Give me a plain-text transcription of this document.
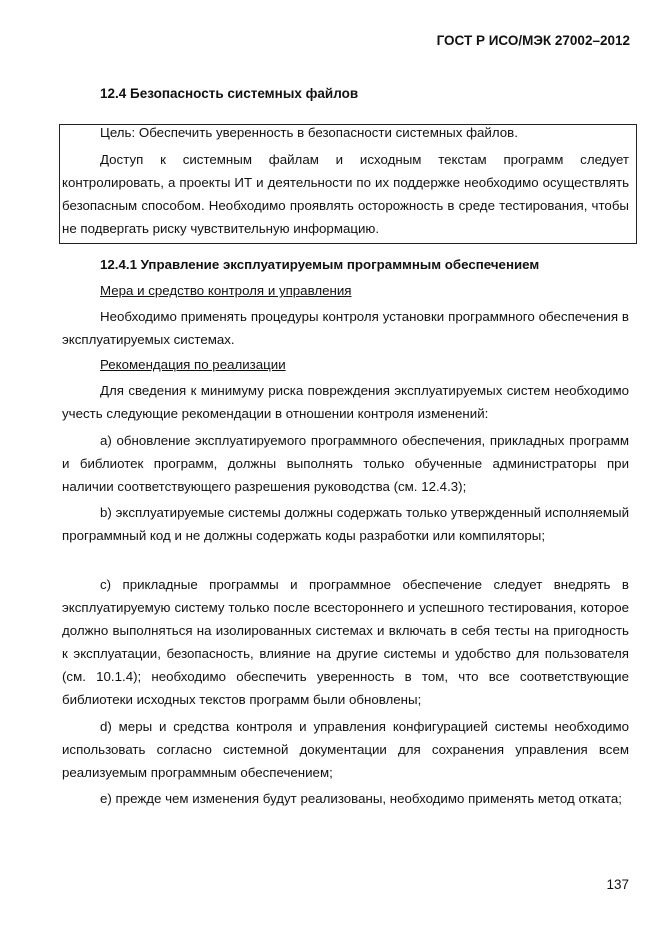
ГОСТ Р ИСО/МЭК 27002–2012
12.4 Безопасность системных файлов
Цель: Обеспечить уверенность в безопасности системных файлов.

Доступ к системным файлам и исходным текстам программ следует контролировать, а проекты ИТ и деятельности по их поддержке необходимо осуществлять безопасным способом. Необходимо проявлять осторожность в среде тестирования, чтобы не подвергать риску чувствительную информацию.

12.4.1 Управление эксплуатируемым программным обеспечением
Мера и средство контроля и управления

Необходимо применять процедуры контроля установки программного обеспечения в эксплуатируемых системах.

Рекомендация по реализации

Для сведения к минимуму риска повреждения эксплуатируемых систем необходимо учесть следующие рекомендации в отношении контроля изменений:

а) обновление эксплуатируемого программного обеспечения, прикладных программ и библиотек программ, должны выполнять только обученные администраторы при наличии соответствующего разрешения руководства (см. 12.4.3);

b) эксплуатируемые системы должны содержать только утвержденный исполняемый программный код и не должны содержать коды разработки или компиляторы;

c) прикладные программы и программное обеспечение следует внедрять в эксплуатируемую систему только после всестороннего и успешного тестирования, которое должно выполняться на изолированных системах и включать в себя тесты на пригодность к эксплуатации, безопасность, влияние на другие системы и удобство для пользователя (см. 10.1.4); необходимо обеспечить уверенность в том, что все соответствующие библиотеки исходных текстов программ были обновлены;

d) меры и средства контроля и управления конфигурацией системы необходимо использовать согласно системной документации для сохранения управления всем реализуемым программным обеспечением;

e) прежде чем изменения будут реализованы, необходимо применять метод отката;

137
